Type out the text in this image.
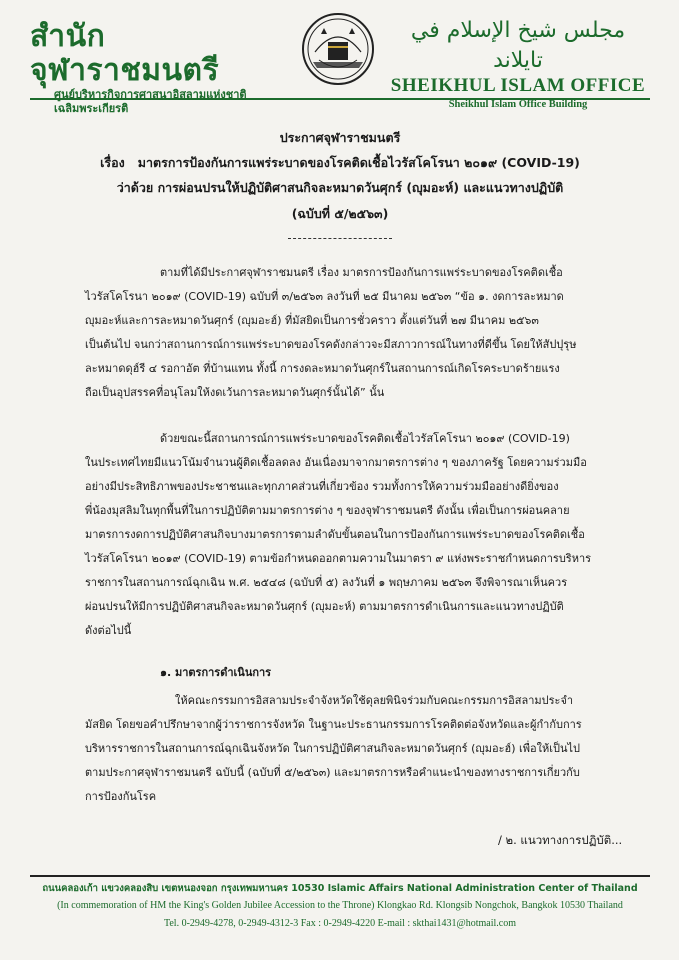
สำนักจุฬาราชมนตรี
ศูนย์บริหารกิจการศาสนาอิสลามแห่งชาติ
เฉลิมพระเกียรติ
مجلس شيخ الإسلام في تايلاند
SHEIKHUL ISLAM OFFICE
Sheikhul Islam Office Building
ประกาศจุฬาราชมนตรี
เรื่อง มาตรการป้องกันการแพร่ระบาดของโรคติดเชื้อไวรัสโคโรนา ๒๐๑๙ (COVID-19)
ว่าด้วย การผ่อนปรนให้ปฏิบัติศาสนกิจละหมาดวันศุกร์ (ญุมอะห์) และแนวทางปฏิบัติ
(ฉบับที่ ๕/๒๕๖๓)
ตามที่ได้มีประกาศจุฬาราชมนตรี เรื่อง มาตรการป้องกันการแพร่ระบาดของโรคติดเชื้อ
ไวรัสโคโรนา ๒๐๑๙ (COVID-19) ฉบับที่ ๓/๒๕๖๓ ลงวันที่ ๒๕ มีนาคม ๒๕๖๓ “ข้อ ๑. งดการละหมาด
ญุมอะห์และการละหมาดวันศุกร์ (ญุมอะฮ์) ที่มัสยิดเป็นการชั่วคราว ตั้งแต่วันที่ ๒๗ มีนาคม ๒๕๖๓
เป็นต้นไป จนกว่าสถานการณ์การแพร่ระบาดของโรคดังกล่าวจะมีสภาวการณ์ในทางที่ดีขึ้น โดยให้สัปปุรุษ
ละหมาดดุฮ์รี ๔ รอกาอัต ที่บ้านแทน ทั้งนี้ การงดละหมาดวันศุกร์ในสถานการณ์เกิดโรคระบาดร้ายแรง
ถือเป็นอุปสรรคที่อนุโลมให้งดเว้นการละหมาดวันศุกร์นั้นได้” นั้น
ด้วยขณะนี้สถานการณ์การแพร่ระบาดของโรคติดเชื้อไวรัสโคโรนา ๒๐๑๙ (COVID-19)
ในประเทศไทยมีแนวโน้มจำนวนผู้ติดเชื้อลดลง อันเนื่องมาจากมาตรการต่าง ๆ ของภาครัฐ โดยความร่วมมือ
อย่างมีประสิทธิภาพของประชาชนและทุกภาคส่วนที่เกี่ยวข้อง รวมทั้งการให้ความร่วมมืออย่างดียิ่งของ
พี่น้องมุสลิมในทุกพื้นที่ในการปฏิบัติตามมาตรการต่าง ๆ ของจุฬาราชมนตรี ดังนั้น เพื่อเป็นการผ่อนคลาย
มาตรการงดการปฏิบัติศาสนกิจบางมาตรการตามลำดับขั้นตอนในการป้องกันการแพร่ระบาดของโรคติดเชื้อ
ไวรัสโคโรนา ๒๐๑๙ (COVID-19) ตามข้อกำหนดออกตามความในมาตรา ๙ แห่งพระราชกำหนดการบริหาร
ราชการในสถานการณ์ฉุกเฉิน พ.ศ. ๒๕๔๘ (ฉบับที่ ๕) ลงวันที่ ๑ พฤษภาคม ๒๕๖๓ จึงพิจารณาเห็นควร
ผ่อนปรนให้มีการปฏิบัติศาสนกิจละหมาดวันศุกร์ (ญุมอะห์) ตามมาตรการดำเนินการและแนวทางปฏิบัติ
ดังต่อไปนี้
๑. มาตรการดำเนินการ
ให้คณะกรรมการอิสลามประจำจังหวัดใช้ดุลยพินิจร่วมกับคณะกรรมการอิสลามประจำ
มัสยิด โดยขอคำปรึกษาจากผู้ว่าราชการจังหวัด ในฐานะประธานกรรมการโรคติดต่อจังหวัดและผู้กำกับการ
บริหารราชการในสถานการณ์ฉุกเฉินจังหวัด ในการปฏิบัติศาสนกิจละหมาดวันศุกร์ (ญุมอะฮ์) เพื่อให้เป็นไป
ตามประกาศจุฬาราชมนตรี ฉบับนี้ (ฉบับที่ ๕/๒๕๖๓) และมาตรการหรือคำแนะนำของทางราชการเกี่ยวกับ
การป้องกันโรค
/ ๒. แนวทางการปฏิบัติ...
ถนนคลองเก้า แขวงคลองสิบ เขตหนองจอก กรุงเทพมหานคร 10530 Islamic Affairs National Administration Center of Thailand
(In commemoration of HM the King's Golden Jubilee Accession to the Throne) Klongkao Rd. Klongsib Nongchok, Bangkok 10530 Thailand
Tel. 0-2949-4278, 0-2949-4312-3 Fax : 0-2949-4220 E-mail : skthai1431@hotmail.com
